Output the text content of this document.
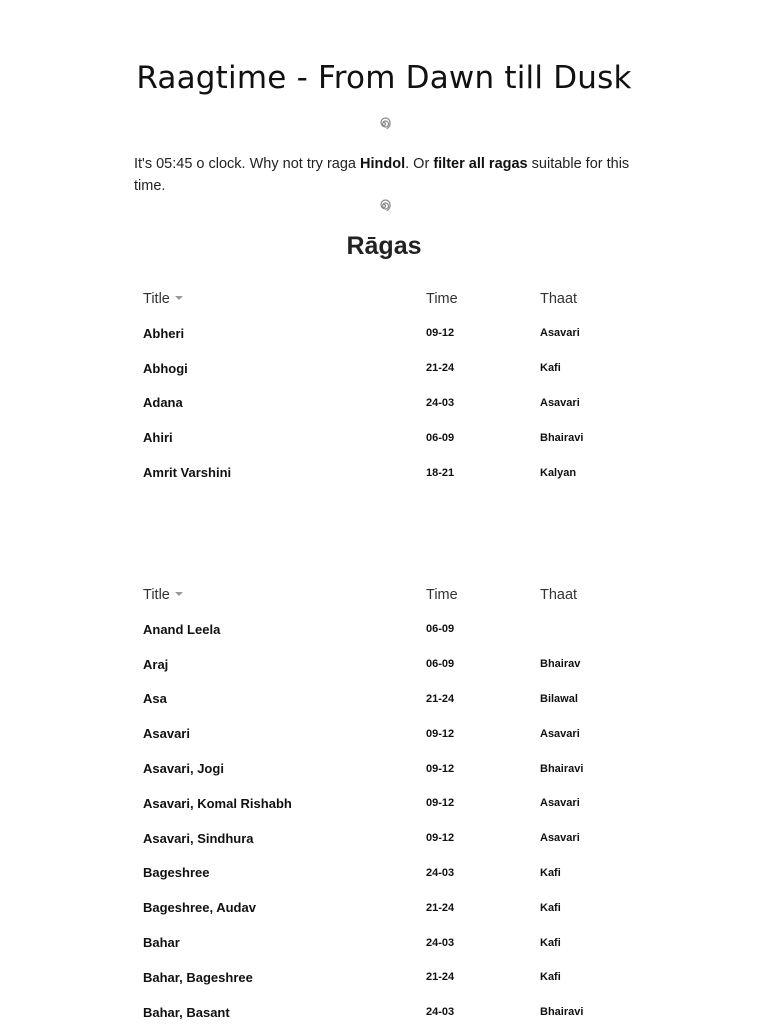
Raagtime - From Dawn till Dusk

It's 05:45 o clock. Why not try raga Hindol. Or filter all ragas suitable for this time.

Rāgas
Title	Time	Thaat
Abheri	09-12	Asavari
Abhogi	21-24	Kafi
Adana	24-03	Asavari
Ahiri	06-09	Bhairavi
Amrit Varshini	18-21	Kalyan
Title	Time	Thaat
Anand Leela	06-09	
Araj	06-09	Bhairav
Asa	21-24	Bilawal
Asavari	09-12	Asavari
Asavari, Jogi	09-12	Bhairavi
Asavari, Komal Rishabh	09-12	Asavari
Asavari, Sindhura	09-12	Asavari
Bageshree	24-03	Kafi
Bageshree, Audav	21-24	Kafi
Bahar	24-03	Kafi
Bahar, Bageshree	21-24	Kafi
Bahar, Basant	24-03	Bhairavi
